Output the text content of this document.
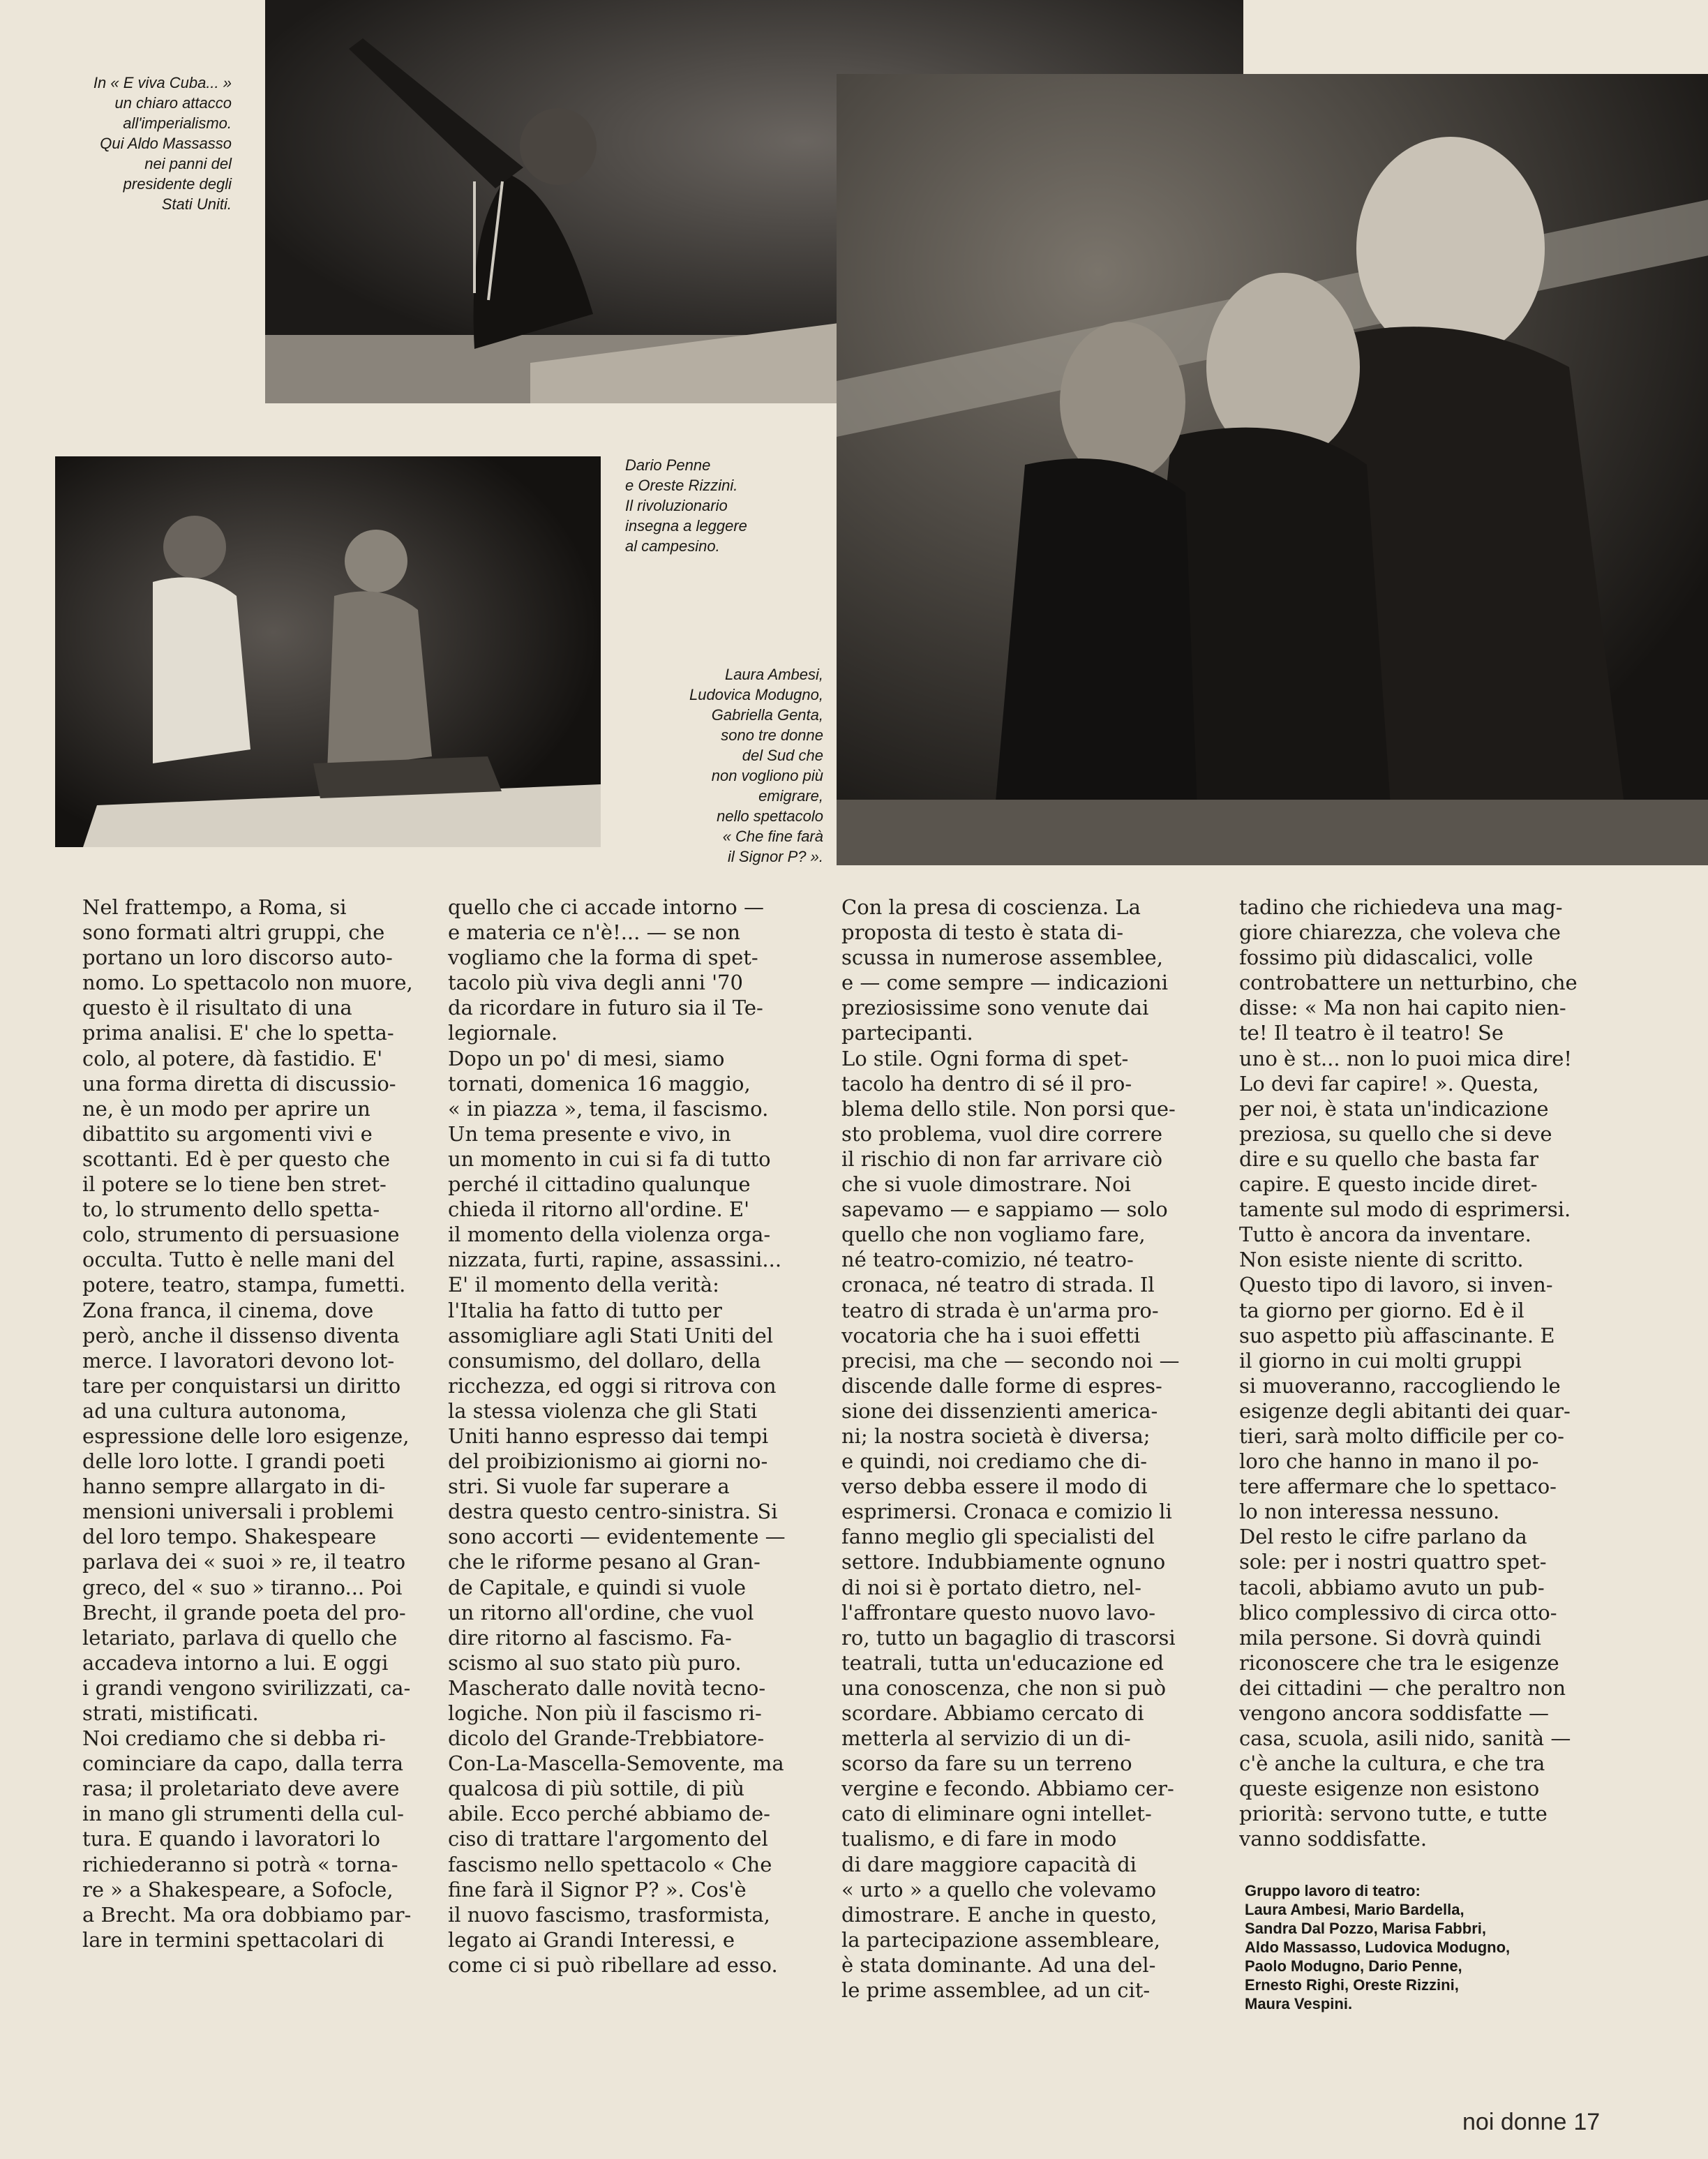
In « E viva Cuba... »
un chiaro attacco
all'imperialismo.
Qui Aldo Massasso
nei panni del
presidente degli
Stati Uniti.
Dario Penne
e Oreste Rizzini.
Il rivoluzionario
insegna a leggere
al campesino.
Laura Ambesi,
Ludovica Modugno,
Gabriella Genta,
sono tre donne
del Sud che
non vogliono più
emigrare,
nello spettacolo
« Che fine farà
il Signor P? ».
Nel frattempo, a Roma, si
sono formati altri gruppi, che
portano un loro discorso auto-
nomo. Lo spettacolo non muore,
questo è il risultato di una
prima analisi. E' che lo spetta-
colo, al potere, dà fastidio. E'
una forma diretta di discussio-
ne, è un modo per aprire un
dibattito su argomenti vivi e
scottanti. Ed è per questo che
il potere se lo tiene ben stret-
to, lo strumento dello spetta-
colo, strumento di persuasione
occulta. Tutto è nelle mani del
potere, teatro, stampa, fumetti.
Zona franca, il cinema, dove
però, anche il dissenso diventa
merce. I lavoratori devono lot-
tare per conquistarsi un diritto
ad una cultura autonoma,
espressione delle loro esigenze,
delle loro lotte. I grandi poeti
hanno sempre allargato in di-
mensioni universali i problemi
del loro tempo. Shakespeare
parlava dei « suoi » re, il teatro
greco, del « suo » tiranno... Poi
Brecht, il grande poeta del pro-
letariato, parlava di quello che
accadeva intorno a lui. E oggi
i grandi vengono svirilizzati, ca-
strati, mistificati.
Noi crediamo che si debba ri-
cominciare da capo, dalla terra
rasa; il proletariato deve avere
in mano gli strumenti della cul-
tura. E quando i lavoratori lo
richiederanno si potrà « torna-
re » a Shakespeare, a Sofocle,
a Brecht. Ma ora dobbiamo par-
lare in termini spettacolari di
quello che ci accade intorno —
e materia ce n'è!... — se non
vogliamo che la forma di spet-
tacolo più viva degli anni '70
da ricordare in futuro sia il Te-
legiornale.
Dopo un po' di mesi, siamo
tornati, domenica 16 maggio,
« in piazza », tema, il fascismo.
Un tema presente e vivo, in
un momento in cui si fa di tutto
perché il cittadino qualunque
chieda il ritorno all'ordine. E'
il momento della violenza orga-
nizzata, furti, rapine, assassini...
E' il momento della verità:
l'Italia ha fatto di tutto per
assomigliare agli Stati Uniti del
consumismo, del dollaro, della
ricchezza, ed oggi si ritrova con
la stessa violenza che gli Stati
Uniti hanno espresso dai tempi
del proibizionismo ai giorni no-
stri. Si vuole far superare a
destra questo centro-sinistra. Si
sono accorti — evidentemente —
che le riforme pesano al Gran-
de Capitale, e quindi si vuole
un ritorno all'ordine, che vuol
dire ritorno al fascismo. Fa-
scismo al suo stato più puro.
Mascherato dalle novità tecno-
logiche. Non più il fascismo ri-
dicolo del Grande-Trebbiatore-
Con-La-Mascella-Semovente, ma
qualcosa di più sottile, di più
abile. Ecco perché abbiamo de-
ciso di trattare l'argomento del
fascismo nello spettacolo « Che
fine farà il Signor P? ». Cos'è
il nuovo fascismo, trasformista,
legato ai Grandi Interessi, e
come ci si può ribellare ad esso.
Con la presa di coscienza. La
proposta di testo è stata di-
scussa in numerose assemblee,
e — come sempre — indicazioni
preziosissime sono venute dai
partecipanti.
Lo stile. Ogni forma di spet-
tacolo ha dentro di sé il pro-
blema dello stile. Non porsi que-
sto problema, vuol dire correre
il rischio di non far arrivare ciò
che si vuole dimostrare. Noi
sapevamo — e sappiamo — solo
quello che non vogliamo fare,
né teatro-comizio, né teatro-
cronaca, né teatro di strada. Il
teatro di strada è un'arma pro-
vocatoria che ha i suoi effetti
precisi, ma che — secondo noi —
discende dalle forme di espres-
sione dei dissenzienti america-
ni; la nostra società è diversa;
e quindi, noi crediamo che di-
verso debba essere il modo di
esprimersi. Cronaca e comizio li
fanno meglio gli specialisti del
settore. Indubbiamente ognuno
di noi si è portato dietro, nel-
l'affrontare questo nuovo lavo-
ro, tutto un bagaglio di trascorsi
teatrali, tutta un'educazione ed
una conoscenza, che non si può
scordare. Abbiamo cercato di
metterla al servizio di un di-
scorso da fare su un terreno
vergine e fecondo. Abbiamo cer-
cato di eliminare ogni intellet-
tualismo, e di fare in modo
di dare maggiore capacità di
« urto » a quello che volevamo
dimostrare. E anche in questo,
la partecipazione assembleare,
è stata dominante. Ad una del-
le prime assemblee, ad un cit-
tadino che richiedeva una mag-
giore chiarezza, che voleva che
fossimo più didascalici, volle
controbattere un netturbino, che
disse: « Ma non hai capito nien-
te! Il teatro è il teatro! Se
uno è st... non lo puoi mica dire!
Lo devi far capire! ». Questa,
per noi, è stata un'indicazione
preziosa, su quello che si deve
dire e su quello che basta far
capire. E questo incide diret-
tamente sul modo di esprimersi.
Tutto è ancora da inventare.
Non esiste niente di scritto.
Questo tipo di lavoro, si inven-
ta giorno per giorno. Ed è il
suo aspetto più affascinante. E
il giorno in cui molti gruppi
si muoveranno, raccogliendo le
esigenze degli abitanti dei quar-
tieri, sarà molto difficile per co-
loro che hanno in mano il po-
tere affermare che lo spettaco-
lo non interessa nessuno.
Del resto le cifre parlano da
sole: per i nostri quattro spet-
tacoli, abbiamo avuto un pub-
blico complessivo di circa otto-
mila persone. Si dovrà quindi
riconoscere che tra le esigenze
dei cittadini — che peraltro non
vengono ancora soddisfatte —
casa, scuola, asili nido, sanità —
c'è anche la cultura, e che tra
queste esigenze non esistono
priorità: servono tutte, e tutte
vanno soddisfatte.
Gruppo lavoro di teatro:
Laura Ambesi, Mario Bardella,
Sandra Dal Pozzo, Marisa Fabbri,
Aldo Massasso, Ludovica Modugno,
Paolo Modugno, Dario Penne,
Ernesto Righi, Oreste Rizzini,
Maura Vespini.
noi donne 17
